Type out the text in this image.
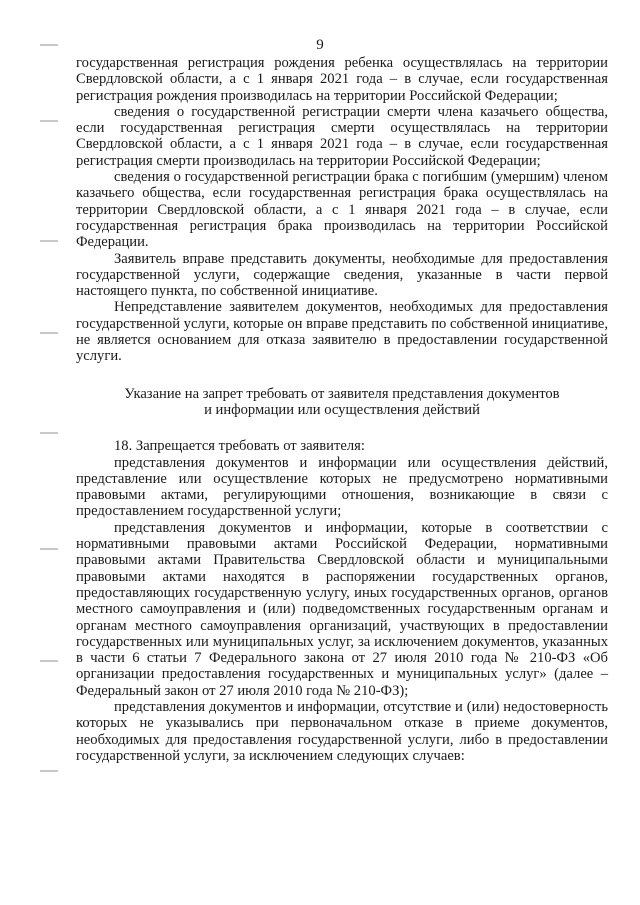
9

государственная регистрация рождения ребенка осуществлялась на территории Свердловской области, а с 1 января 2021 года – в случае, если государственная регистрация рождения производилась на территории Российской Федерации;

сведения о государственной регистрации смерти члена казачьего общества, если государственная регистрация смерти осуществлялась на территории Свердловской области, а с 1 января 2021 года – в случае, если государственная регистрация смерти производилась на территории Российской Федерации;

сведения о государственной регистрации брака с погибшим (умершим) членом казачьего общества, если государственная регистрация брака осуществлялась на территории Свердловской области, а с 1 января 2021 года – в случае, если государственная регистрация брака производилась на территории Российской Федерации.

Заявитель вправе представить документы, необходимые для предоставления государственной услуги, содержащие сведения, указанные в части первой настоящего пункта, по собственной инициативе.

Непредставление заявителем документов, необходимых для предоставления государственной услуги, которые он вправе представить по собственной инициативе, не является основанием для отказа заявителю в предоставлении государственной услуги.

Указание на запрет требовать от заявителя представления документов
и информации или осуществления действий

18. Запрещается требовать от заявителя:

представления документов и информации или осуществления действий, представление или осуществление которых не предусмотрено нормативными правовыми актами, регулирующими отношения, возникающие в связи с предоставлением государственной услуги;

представления документов и информации, которые в соответствии с нормативными правовыми актами Российской Федерации, нормативными правовыми актами Правительства Свердловской области и муниципальными правовыми актами находятся в распоряжении государственных органов, предоставляющих государственную услугу, иных государственных органов, органов местного самоуправления и (или) подведомственных государственным органам и органам местного самоуправления организаций, участвующих в предоставлении государственных или муниципальных услуг, за исключением документов, указанных в части 6 статьи 7 Федерального закона от 27 июля 2010 года № 210-ФЗ «Об организации предоставления государственных и муниципальных услуг» (далее – Федеральный закон от 27 июля 2010 года № 210-ФЗ);

представления документов и информации, отсутствие и (или) недостоверность которых не указывались при первоначальном отказе в приеме документов, необходимых для предоставления государственной услуги, либо в предоставлении государственной услуги, за исключением следующих случаев:
